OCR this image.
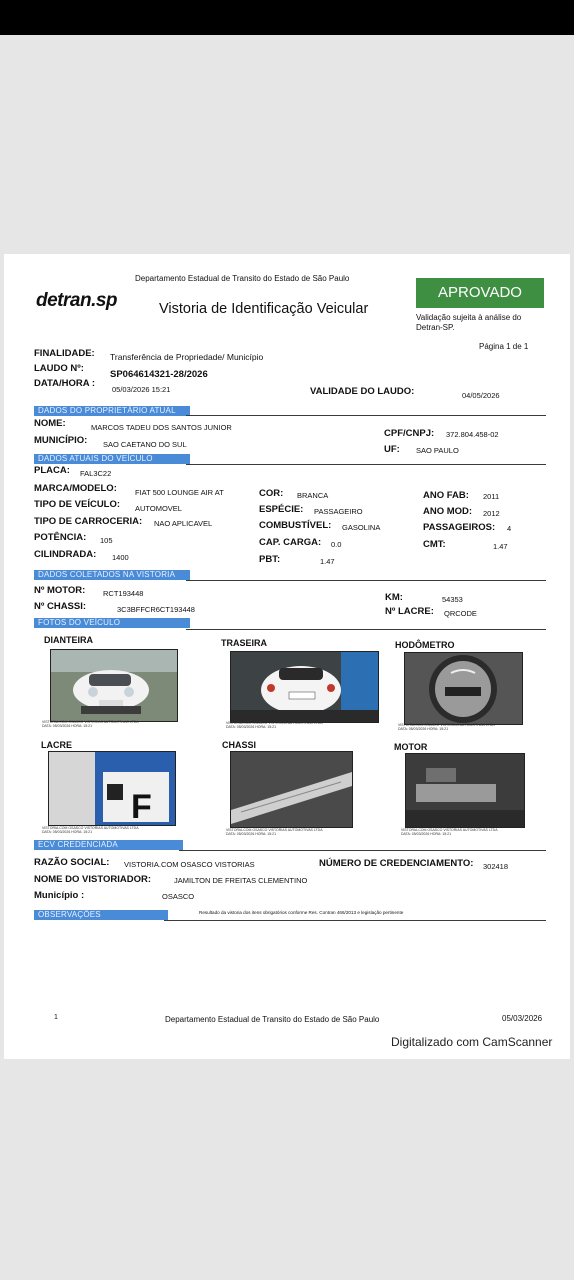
Departamento Estadual de Transito do Estado de São Paulo
detran.sp	Vistoria de Identificação Veicular
APROVADO
Validação sujeita à análise do
Detran-SP.
Página 1 de 1
FINALIDADE: Transferência de Propriedade/ Município
LAUDO Nº:
SP064614321-28/2026
DATA/HORA :
05/03/2026 15:21	VALIDADE DO LAUDO:	04/05/2026
DADOS DO PROPRIETÁRIO ATUAL
NOME:	MARCOS TADEU DOS SANTOS JUNIOR
CPF/CNPJ: 372.804.458-02
MUNICÍPIO: SAO CAETANO DO SUL	UF: SAO PAULO
DADOS ATUAIS DO VEÍCULO
PLACA: FAL3C22
MARCA/MODELO: FIAT 500 LOUNGE AIR AT	COR: BRANCA	ANO FAB: 2011
TIPO DE VEÍCULO: AUTOMOVEL	ESPÉCIE: PASSAGEIRO	ANO MOD: 2012
TIPO DE CARROCERIA: NAO APLICAVEL	COMBUSTÍVEL: GASOLINA	PASSAGEIROS: 4
POTÊNCIA: 105	CAP. CARGA: 0.0	CMT:	1.47
CILINDRADA: 1400	PBT:	1.47
DADOS COLETADOS NA VISTORIA
Nº MOTOR: RCT193448	KM:	54353
Nº CHASSI:	3C3BFFCR6CT193448	Nº LACRE: QRCODE
FOTOS DO VEÍCULO
DIANTEIRA
VISTORIA.COM OSASCO VISTORIAS AUTOMOTIVAS LTDA
DATA: 05/03/2026 HORA: 15:21
TRASEIRA
VISTORIA.COM OSASCO VISTORIAS AUTOMOTIVAS LTDA
DATA: 05/03/2026 HORA: 15:21
HODÔMETRO
VISTORIA.COM OSASCO VISTORIAS AUTOMOTIVAS LTDA
DATA: 05/03/2026 HORA: 15:21
LACRE
F
VISTORIA.COM OSASCO VISTORIAS AUTOMOTIVAS LTDA
DATA: 05/03/2026 HORA: 15:21
CHASSI
VISTORIA.COM OSASCO VISTORIAS AUTOMOTIVAS LTDA
DATA: 05/03/2026 HORA: 15:21
MOTOR
VISTORIA.COM OSASCO VISTORIAS AUTOMOTIVAS LTDA
DATA: 05/03/2026 HORA: 15:21
ECV CREDENCIADA
RAZÃO SOCIAL: VISTORIA.COM OSASCO VISTORIAS	NÚMERO DE CREDENCIAMENTO: 302418
NOME DO VISTORIADOR:	JAMILTON DE FREITAS CLEMENTINO
Município :	OSASCO
OBSERVAÇÕES	Resultado da vistoria dos itens obrigatórios conforme Res. Contran 466/2013 e legislação pertinente
1	Departamento Estadual de Transito do Estado de São Paulo	05/03/2026
Digitalizado com CamScanner
